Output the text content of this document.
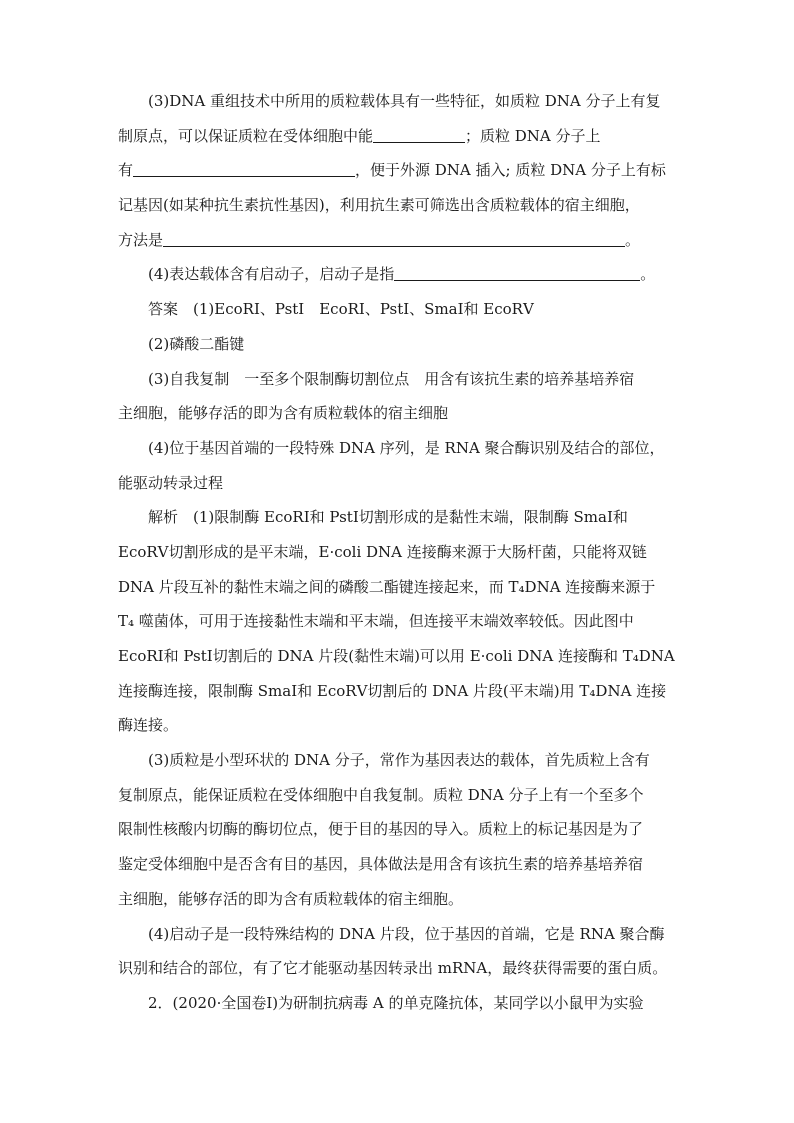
(3)DNA 重组技术中所用的质粒载体具有一些特征，如质粒 DNA 分子上有复
制原点，可以保证质粒在受体细胞中能	；质粒 DNA 分子上
有	，便于外源 DNA 插入; 质粒 DNA 分子上有标
记基因(如某种抗生素抗性基因)，利用抗生素可筛选出含质粒载体的宿主细胞，
方法是	。
(4)表达载体含有启动子，启动子是指	。
答案　 (1)EcoRⅠ、PstⅠ　EcoRⅠ、PstⅠ、SmaⅠ和 EcoRⅤ
(2)磷酸二酯键
(3)自我复制　一至多个限制酶切割位点　用含有该抗生素的培养基培养宿
主细胞，能够存活的即为含有质粒载体的宿主细胞
(4)位于基因首端的一段特殊 DNA 序列，是 RNA 聚合酶识别及结合的部位，
能驱动转录过程
解析　 (1)限制酶 EcoRⅠ和 PstⅠ切割形成的是黏性末端，限制酶 SmaⅠ和
EcoRⅤ切割形成的是平末端，E·coli DNA 连接酶来源于大肠杆菌，只能将双链
DNA 片段互补的黏性末端之间的磷酸二酯键连接起来，而 T₄DNA 连接酶来源于
T₄ 噬菌体，可用于连接黏性末端和平末端，但连接平末端效率较低。因此图中
EcoRⅠ和 PstⅠ切割后的 DNA 片段(黏性末端)可以用 E·coli DNA 连接酶和 T₄DNA
连接酶连接，限制酶 SmaⅠ和 EcoRⅤ切割后的 DNA 片段(平末端)用 T₄DNA 连接
酶连接。
(3)质粒是小型环状的 DNA 分子，常作为基因表达的载体，首先质粒上含有
复制原点，能保证质粒在受体细胞中自我复制。质粒 DNA 分子上有一个至多个
限制性核酸内切酶的酶切位点，便于目的基因的导入。质粒上的标记基因是为了
鉴定受体细胞中是否含有目的基因，具体做法是用含有该抗生素的培养基培养宿
主细胞，能够存活的即为含有质粒载体的宿主细胞。
(4)启动子是一段特殊结构的 DNA 片段，位于基因的首端，它是 RNA 聚合酶
识别和结合的部位，有了它才能驱动基因转录出 mRNA，最终获得需要的蛋白质。
2．(2020·全国卷Ⅰ)为研制抗病毒 A 的单克隆抗体，某同学以小鼠甲为实验
